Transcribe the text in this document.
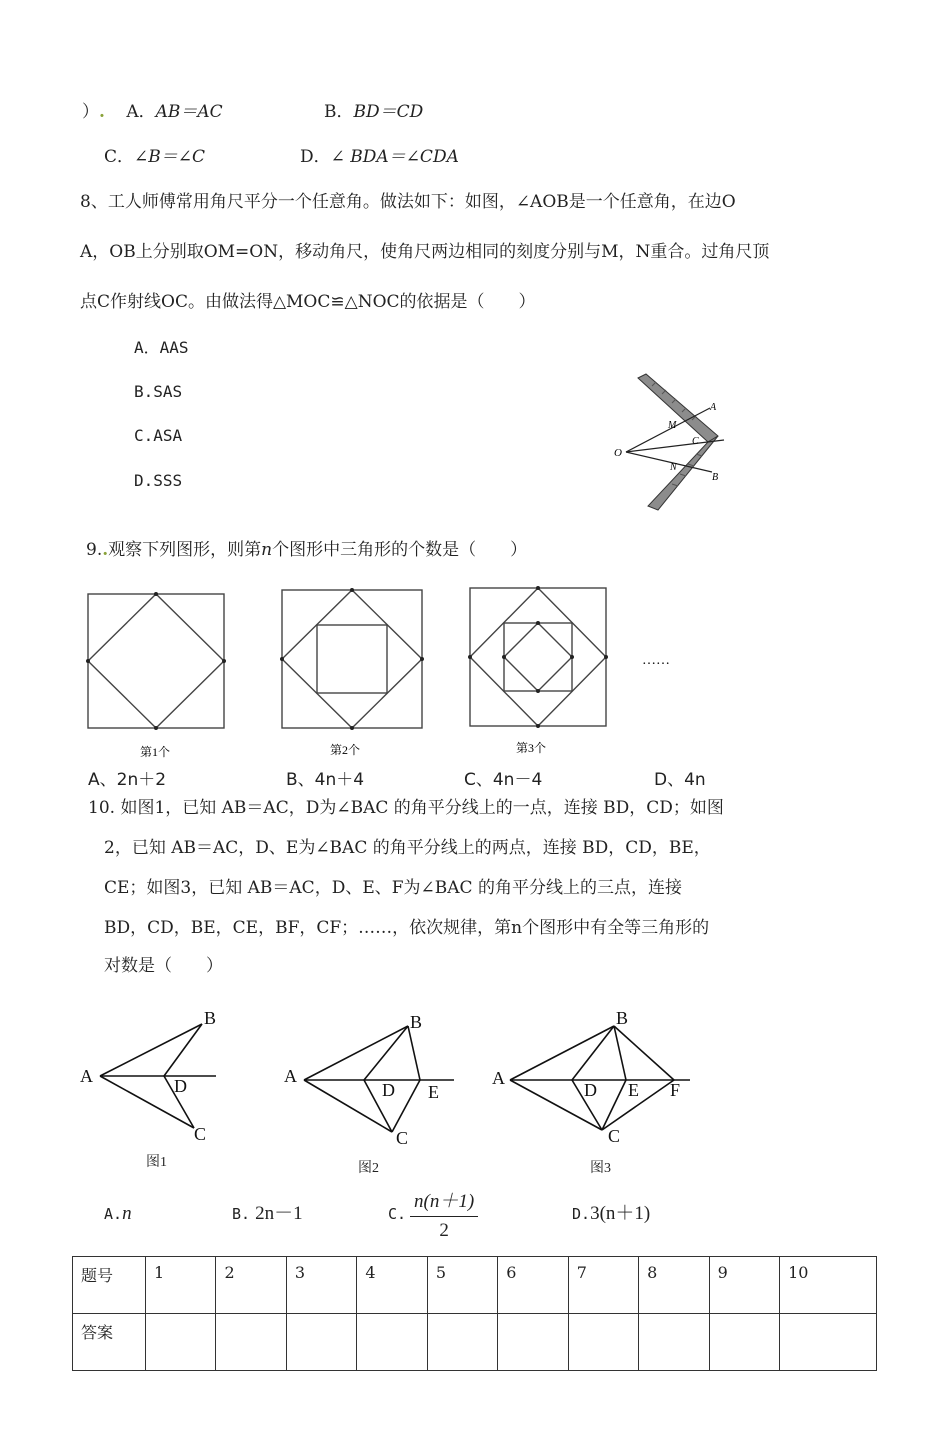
）. A．AB＝AC	B．BD＝CD
C．∠B＝∠C	D．∠ BDA＝∠CDA
8、工人师傅常用角尺平分一个任意角。做法如下：如图，∠AOB是一个任意角，在边O
A，OB上分别取OM=ON，移动角尺，使角尺两边相同的刻度分别与M，N重合。过角尺顶
点C作射线OC。由做法得△MOC≌△NOC的依据是（　　）
A．AAS
B.SAS
C.ASA
D.SSS
O
A
B
M
N
C
9..观察下列图形，则第n个图形中三角形的个数是（　　）
第1个	第2个	第3个
……
A、2n＋2	B、4n＋4	C、4n－4	D、4n
10. 如图1，已知 AB＝AC，D为∠BAC 的角平分线上的一点，连接 BD，CD；如图
2，已知 AB＝AC，D、E为∠BAC 的角平分线上的两点，连接 BD，CD，BE，
CE；如图3，已知 AB＝AC，D、E、F为∠BAC 的角平分线上的三点，连接
BD，CD，BE，CE，BF，CF；……，依次规律，第n个图形中有全等三角形的
对数是（　　）
A
B
C
D	A
B
C
D E
A
B
C
D E F
图1	图2	图3
A.n	B. 2n－1	C. $\frac{n(n+1)}{2}$	D.3(n＋1)
题号	1	2	3	4	5	6	7	8	9	10
答案										
